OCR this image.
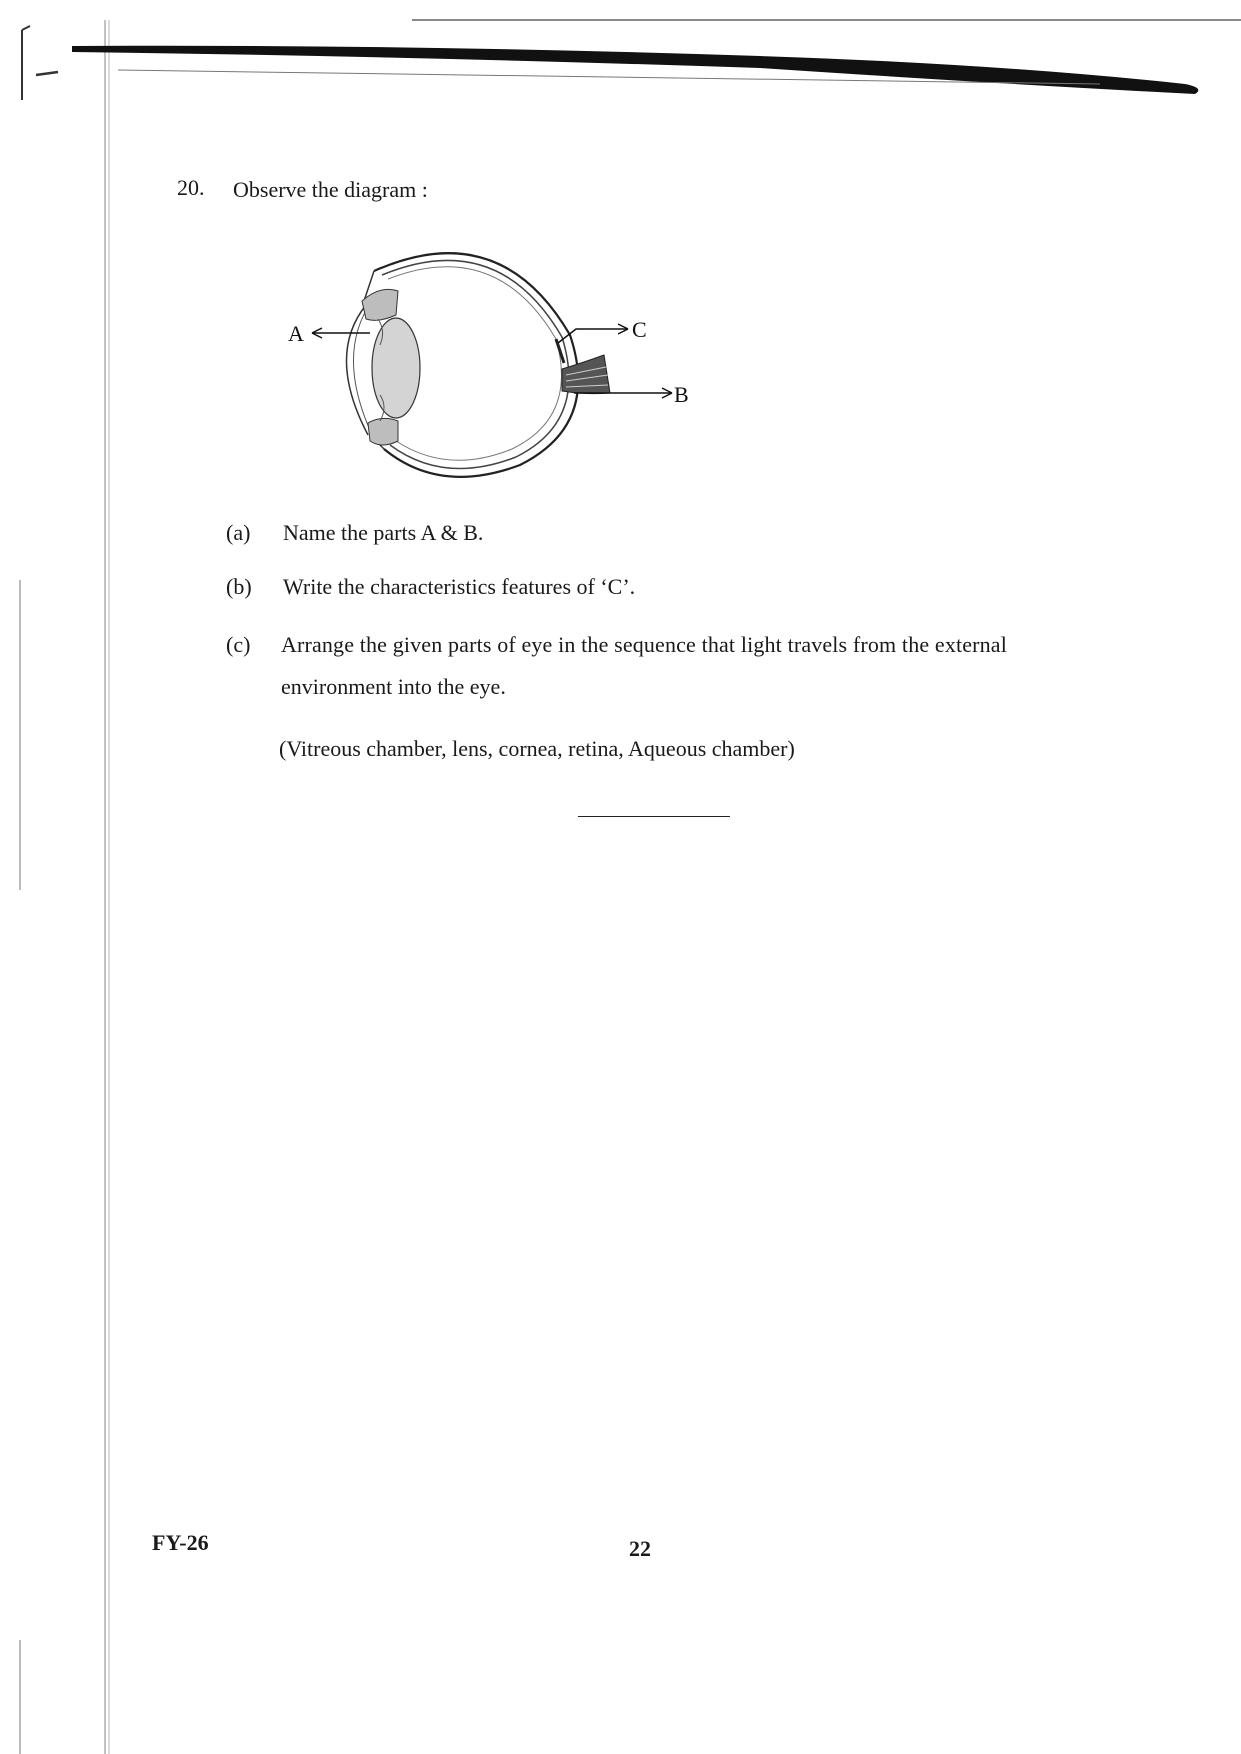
20. Observe the diagram :
A	C
B
(a) Name the parts A & B.
(b) Write the characteristics features of ‘C’.
(c) Arrange the given parts of eye in the sequence that light travels from the external
environment into the eye.
(Vitreous chamber, lens, cornea, retina, Aqueous chamber)
FY-26	22
